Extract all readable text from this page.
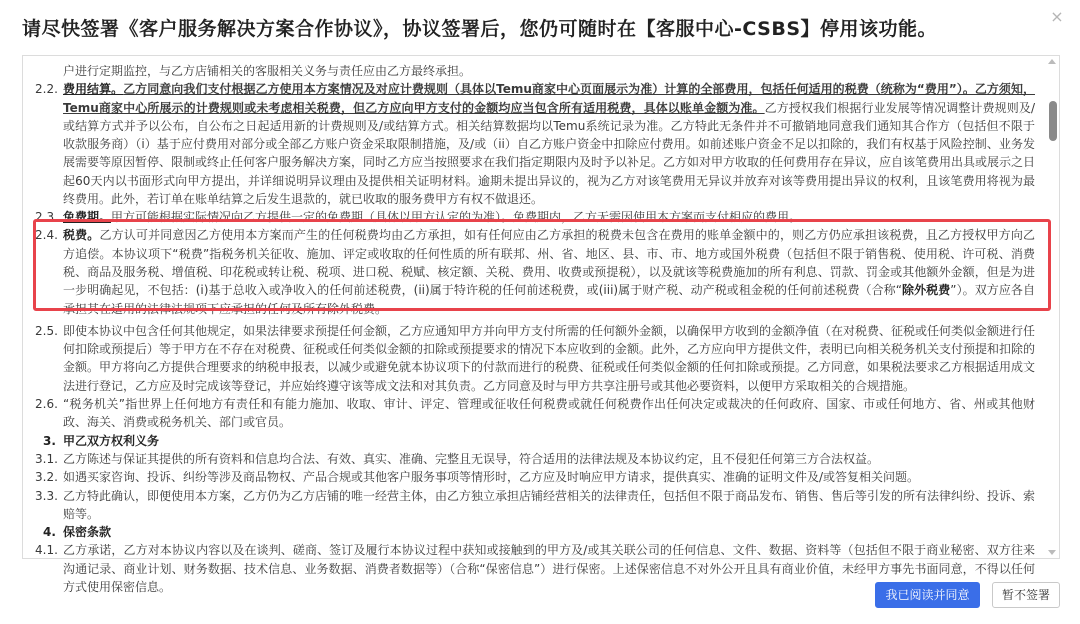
请尽快签署《客户服务解决方案合作协议》，协议签署后，您仍可随时在【客服中心-CSBS】停用该功能。
×
户进行定期监控，与乙方店铺相关的客服相关义务与责任应由乙方最终承担。
2.2. 费用结算。乙方同意向我们支付根据乙方使用本方案情况及对应计费规则（具体以Temu商家中心页面展示为准）计算的全部费用，包括任何适用的税费（统称为“费用”）。乙方须知，Temu商家中心所展示的计费规则或未考虑相关税费，但乙方应向甲方支付的金额均应当包含所有适用税费，具体以账单金额为准。乙方授权我们根据行业发展等情况调整计费规则及/或结算方式并予以公布，自公布之日起适用新的计费规则及/或结算方式。相关结算数据均以Temu系统记录为准。乙方特此无条件并不可撤销地同意我们通知其合作方（包括但不限于收款服务商）（i）基于应付费用对部分或全部乙方账户资金采取限制措施，及/或（ii）自乙方账户资金中扣除应付费用。如前述账户资金不足以扣除的，我们有权基于风险控制、业务发展需要等原因暂停、限制或终止任何客户服务解决方案，同时乙方应当按照要求在我们指定期限内及时予以补足。乙方如对甲方收取的任何费用存在异议，应自该笔费用出具或展示之日起60天内以书面形式向甲方提出，并详细说明异议理由及提供相关证明材料。逾期未提出异议的，视为乙方对该笔费用无异议并放弃对该等费用提出异议的权利，且该笔费用将视为最终费用。此外，若订单在账单结算之后发生退款的，就已收取的服务费甲方有权不做退还。
2.3. 免费期。甲方可能根据实际情况向乙方提供一定的免费期（具体以甲方认定的为准）。免费期内，乙方无需因使用本方案而支付相应的费用。
2.4. 税费。乙方认可并同意因乙方使用本方案而产生的任何税费均由乙方承担，如有任何应由乙方承担的税费未包含在费用的账单金额中的，则乙方仍应承担该税费，且乙方授权甲方向乙方追偿。本协议项下“税费”指税务机关征收、施加、评定或收取的任何性质的所有联邦、州、省、地区、县、市、市、地方或国外税费（包括但不限于销售税、使用税、许可税、消费税、商品及服务税、增值税、印花税或转让税、税项、进口税、税赋、核定额、关税、费用、收费或预提税），以及就该等税费施加的所有利息、罚款、罚金或其他额外金额，但是为进一步明确起见，不包括：(i)基于总收入或净收入的任何前述税费，(ii)属于特许税的任何前述税费，或(iii)属于财产税、动产税或租金税的任何前述税费（合称“除外税费”）。双方应各自承担其在适用的法律法规项下应承担的任何及所有除外税费。
2.5. 即使本协议中包含任何其他规定，如果法律要求预提任何金额，乙方应通知甲方并向甲方支付所需的任何额外金额，以确保甲方收到的金额净值（在对税费、征税或任何类似金额进行任何扣除或预提后）等于甲方在不存在对税费、征税或任何类似金额的扣除或预提要求的情况下本应收到的金额。此外，乙方应向甲方提供文件，表明已向相关税务机关支付预提和扣除的金额。甲方将向乙方提供合理要求的纳税申报表，以减少或避免就本协议项下的付款而进行的税费、征税或任何类似金额的任何扣除或预提。乙方同意，如果税法要求乙方根据适用成文法进行登记，乙方应及时完成该等登记，并应始终遵守该等成文法和对其负责。乙方同意及时与甲方共享注册号或其他必要资料，以便甲方采取相关的合规措施。
2.6. “税务机关”指世界上任何地方有责任和有能力施加、收取、审计、评定、管理或征收任何税费或就任何税费作出任何决定或裁决的任何政府、国家、市或任何地方、省、州或其他财政、海关、消费或税务机关、部门或官员。
3. 甲乙双方权利义务
3.1. 乙方陈述与保证其提供的所有资料和信息均合法、有效、真实、准确、完整且无误导，符合适用的法律法规及本协议约定，且不侵犯任何第三方合法权益。
3.2. 如遇买家咨询、投诉、纠纷等涉及商品物权、产品合规或其他客户服务事项等情形时，乙方应及时响应甲方请求，提供真实、准确的证明文件及/或答复相关问题。
3.3. 乙方特此确认，即便使用本方案，乙方仍为乙方店铺的唯一经营主体，由乙方独立承担店铺经营相关的法律责任，包括但不限于商品发布、销售、售后等引发的所有法律纠纷、投诉、索赔等。
4. 保密条款
4.1. 乙方承诺，乙方对本协议内容以及在谈判、磋商、签订及履行本协议过程中获知或接触到的甲方及/或其关联公司的任何信息、文件、数据、资料等（包括但不限于商业秘密、双方往来沟通记录、商业计划、财务数据、技术信息、业务数据、消费者数据等）（合称“保密信息”）进行保密。上述保密信息不对外公开且具有商业价值，未经甲方事先书面同意，不得以任何方式使用保密信息。
我已阅读并同意	暂不签署
